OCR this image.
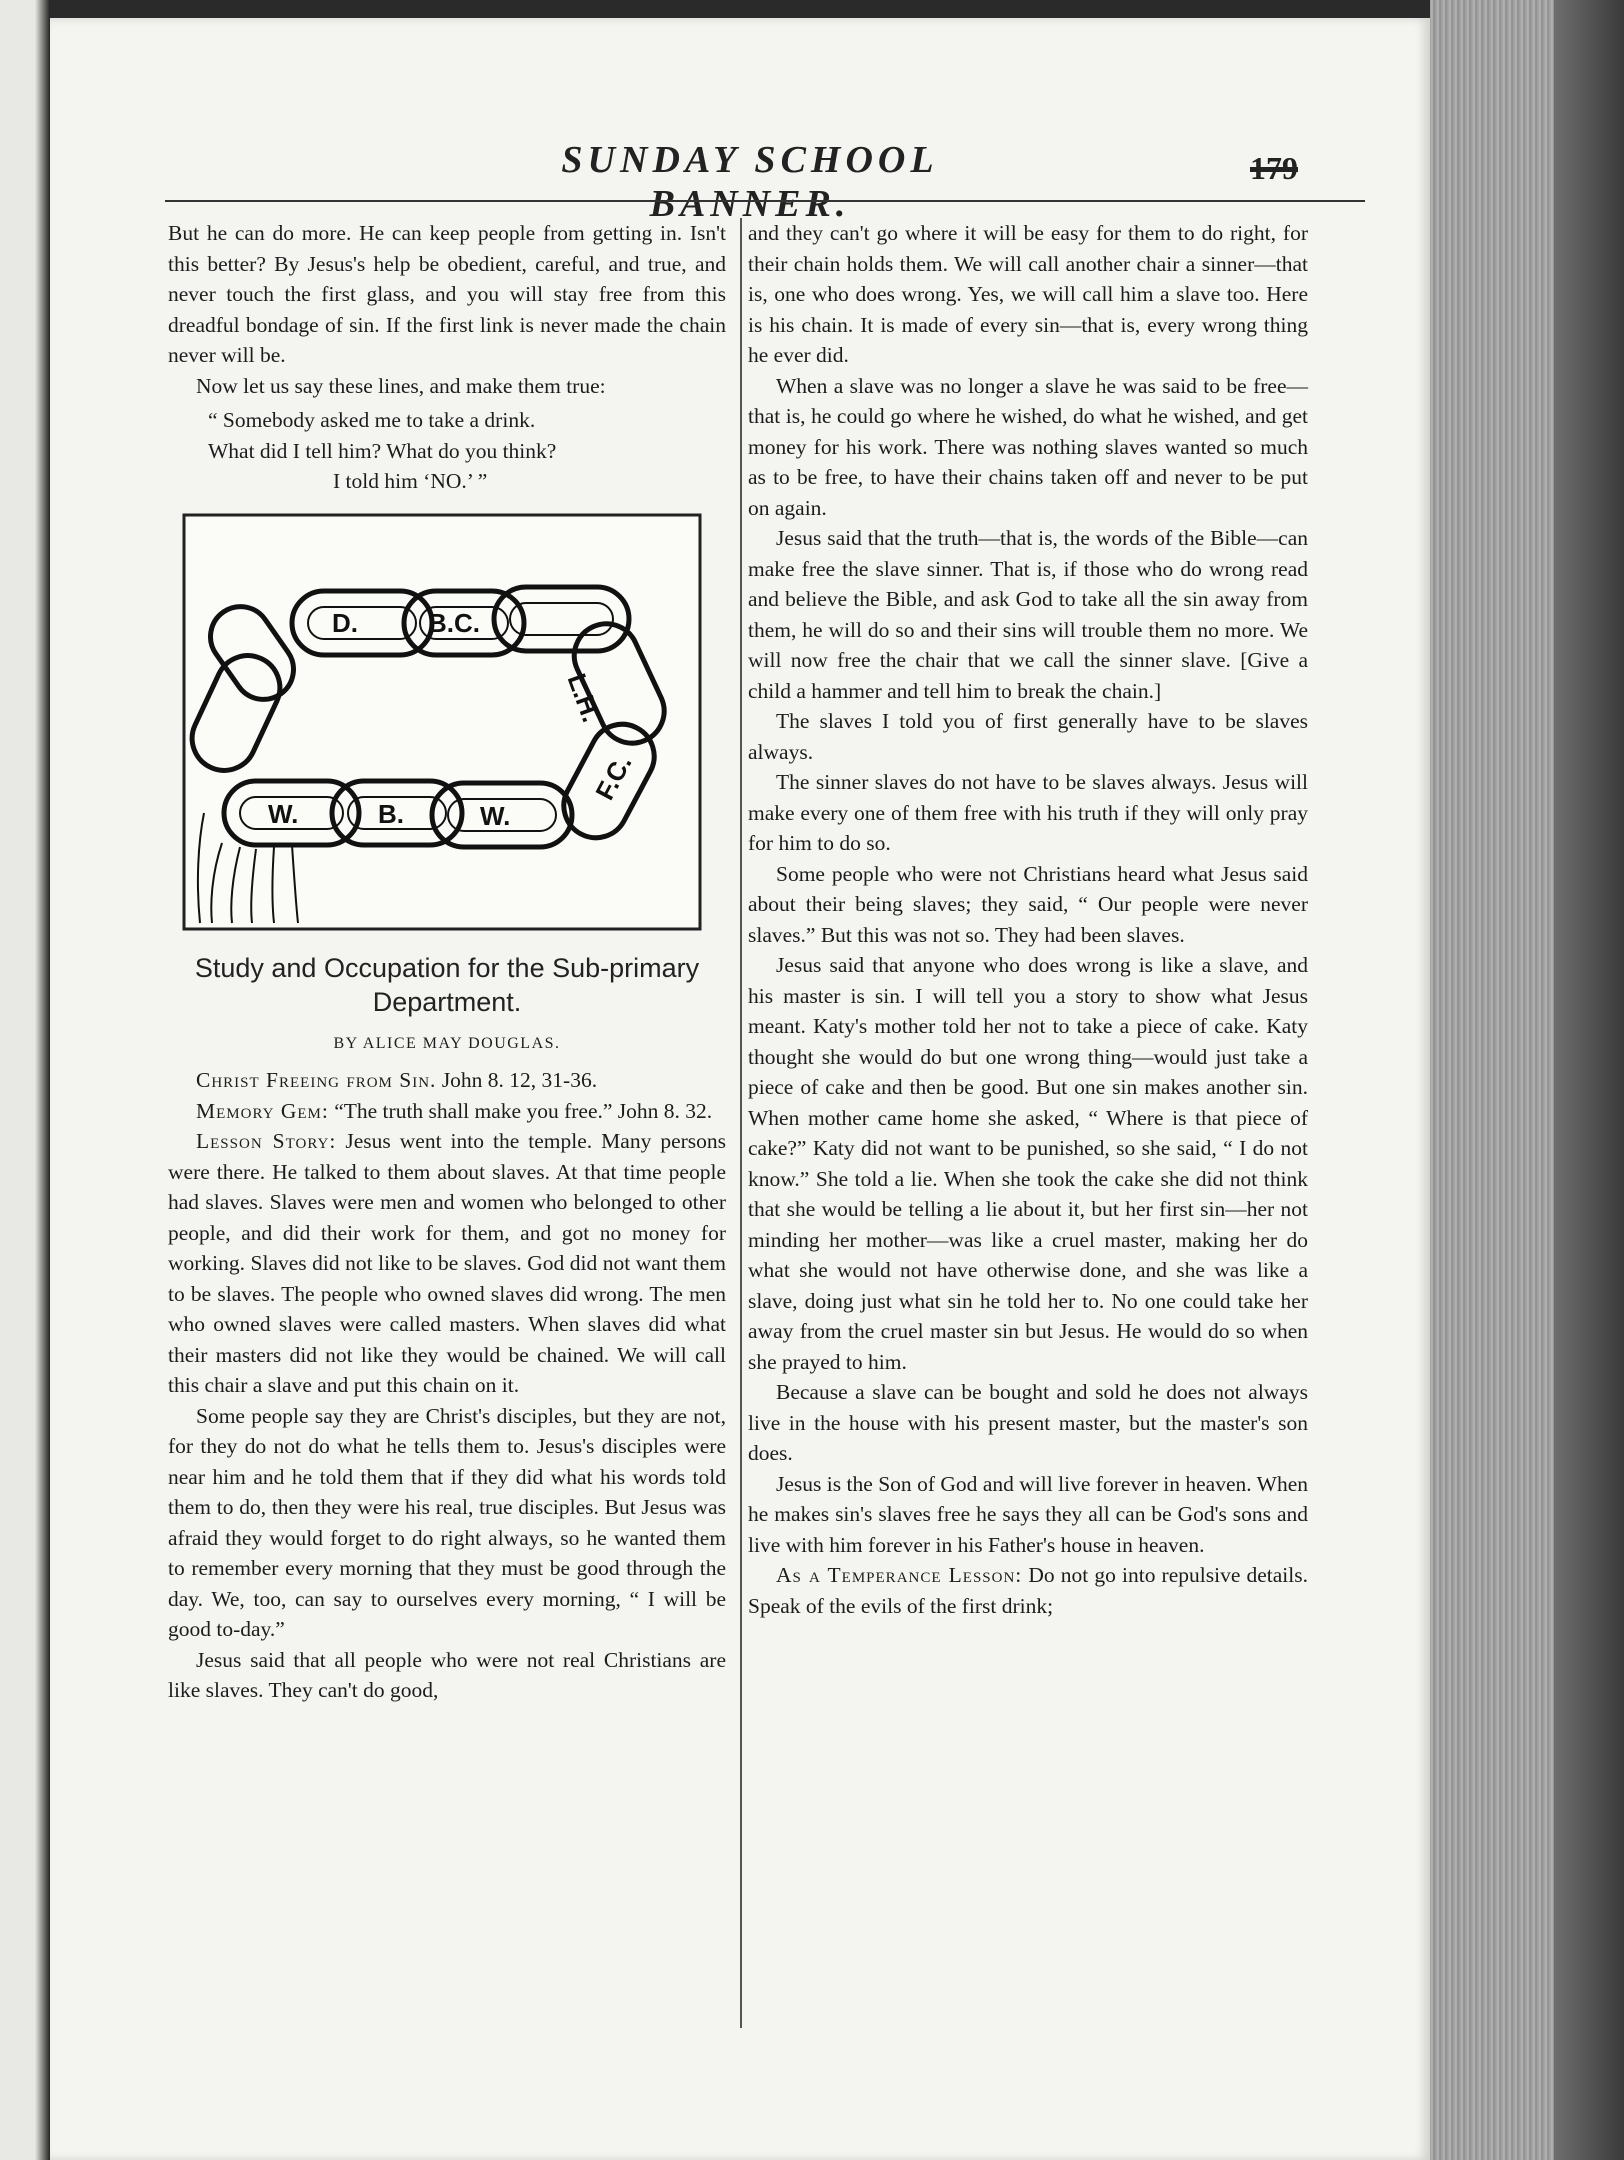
SUNDAY SCHOOL BANNER.
179

But he can do more. He can keep people from getting in. Isn't this better? By Jesus's help be obedient, careful, and true, and never touch the first glass, and you will stay free from this dreadful bondage of sin. If the first link is never made the chain never will be.

Now let us say these lines, and make them true:

“ Somebody asked me to take a drink.
What did I tell him? What do you think?
I told him ‘NO.’ ”
D.	B.C.
L.H.
F.C.
W.	B.	W.
Study and Occupation for the Sub-primary Department.
BY ALICE MAY DOUGLAS.

Christ Freeing from Sin. John 8. 12, 31-36.

Memory Gem: “The truth shall make you free.” John 8. 32.

Lesson Story: Jesus went into the temple. Many persons were there. He talked to them about slaves. At that time people had slaves. Slaves were men and women who belonged to other people, and did their work for them, and got no money for working. Slaves did not like to be slaves. God did not want them to be slaves. The people who owned slaves did wrong. The men who owned slaves were called masters. When slaves did what their masters did not like they would be chained. We will call this chair a slave and put this chain on it.

Some people say they are Christ's disciples, but they are not, for they do not do what he tells them to. Jesus's disciples were near him and he told them that if they did what his words told them to do, then they were his real, true disciples. But Jesus was afraid they would forget to do right always, so he wanted them to remember every morning that they must be good through the day. We, too, can say to ourselves every morning, “ I will be good to-day.”

Jesus said that all people who were not real Christians are like slaves. They can't do good,

and they can't go where it will be easy for them to do right, for their chain holds them. We will call another chair a sinner—that is, one who does wrong. Yes, we will call him a slave too. Here is his chain. It is made of every sin—that is, every wrong thing he ever did.

When a slave was no longer a slave he was said to be free—that is, he could go where he wished, do what he wished, and get money for his work. There was nothing slaves wanted so much as to be free, to have their chains taken off and never to be put on again.

Jesus said that the truth—that is, the words of the Bible—can make free the slave sinner. That is, if those who do wrong read and believe the Bible, and ask God to take all the sin away from them, he will do so and their sins will trouble them no more. We will now free the chair that we call the sinner slave. [Give a child a hammer and tell him to break the chain.]

The slaves I told you of first generally have to be slaves always.

The sinner slaves do not have to be slaves always. Jesus will make every one of them free with his truth if they will only pray for him to do so.

Some people who were not Christians heard what Jesus said about their being slaves; they said, “ Our people were never slaves.” But this was not so. They had been slaves.

Jesus said that anyone who does wrong is like a slave, and his master is sin. I will tell you a story to show what Jesus meant. Katy's mother told her not to take a piece of cake. Katy thought she would do but one wrong thing—would just take a piece of cake and then be good. But one sin makes another sin. When mother came home she asked, “ Where is that piece of cake?” Katy did not want to be punished, so she said, “ I do not know.” She told a lie. When she took the cake she did not think that she would be telling a lie about it, but her first sin—her not minding her mother—was like a cruel master, making her do what she would not have otherwise done, and she was like a slave, doing just what sin he told her to. No one could take her away from the cruel master sin but Jesus. He would do so when she prayed to him.

Because a slave can be bought and sold he does not always live in the house with his present master, but the master's son does.

Jesus is the Son of God and will live forever in heaven. When he makes sin's slaves free he says they all can be God's sons and live with him forever in his Father's house in heaven.

As a Temperance Lesson: Do not go into repulsive details. Speak of the evils of the first drink;
